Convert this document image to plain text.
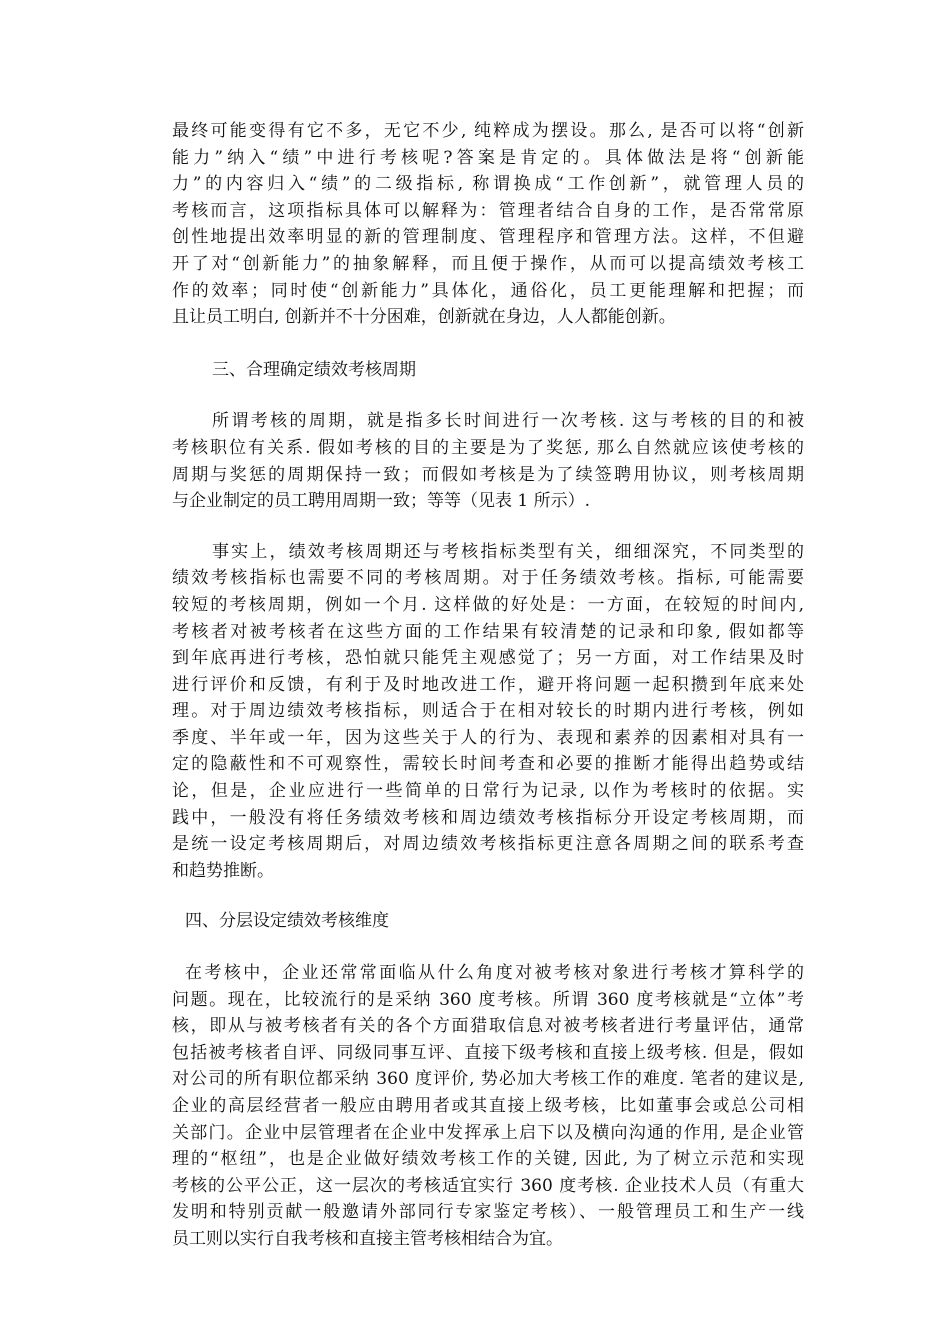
最终可能变得有它不多，无它不少, 纯粹成为摆设。那么, 是否可以将“创新
能力”纳入“绩”中进行考核呢?答案是肯定的。具体做法是将“创新能
力”的内容归入“绩”的二级指标, 称谓换成“工作创新”，就管理人员的
考核而言，这项指标具体可以解释为：管理者结合自身的工作，是否常常原
创性地提出效率明显的新的管理制度、管理程序和管理方法。这样，不但避
开了对“创新能力”的抽象解释，而且便于操作，从而可以提高绩效考核工
作的效率；同时使“创新能力”具体化，通俗化，员工更能理解和把握；而
且让员工明白, 创新并不十分困难，创新就在身边，人人都能创新。
三、合理确定绩效考核周期
所谓考核的周期，就是指多长时间进行一次考核. 这与考核的目的和被
考核职位有关系. 假如考核的目的主要是为了奖惩, 那么自然就应该使考核的
周期与奖惩的周期保持一致；而假如考核是为了续签聘用协议，则考核周期
与企业制定的员工聘用周期一致；等等（见表 1 所示）.
事实上，绩效考核周期还与考核指标类型有关，细细深究，不同类型的
绩效考核指标也需要不同的考核周期。对于任务绩效考核。指标, 可能需要
较短的考核周期，例如一个月. 这样做的好处是：一方面，在较短的时间内,
考核者对被考核者在这些方面的工作结果有较清楚的记录和印象, 假如都等
到年底再进行考核，恐怕就只能凭主观感觉了；另一方面，对工作结果及时
进行评价和反馈，有利于及时地改进工作，避开将问题一起积攒到年底来处
理。对于周边绩效考核指标，则适合于在相对较长的时期内进行考核，例如
季度、半年或一年，因为这些关于人的行为、表现和素养的因素相对具有一
定的隐蔽性和不可观察性，需较长时间考查和必要的推断才能得出趋势或结
论，但是，企业应进行一些简单的日常行为记录, 以作为考核时的依据。实
践中，一般没有将任务绩效考核和周边绩效考核指标分开设定考核周期，而
是统一设定考核周期后，对周边绩效考核指标更注意各周期之间的联系考查
和趋势推断。
四、分层设定绩效考核维度
在考核中，企业还常常面临从什么角度对被考核对象进行考核才算科学的
问题。现在，比较流行的是采纳 360 度考核。所谓 360 度考核就是“立体”考
核，即从与被考核者有关的各个方面猎取信息对被考核者进行考量评估，通常
包括被考核者自评、同级同事互评、直接下级考核和直接上级考核. 但是，假如
对公司的所有职位都采纳 360 度评价, 势必加大考核工作的难度. 笔者的建议是,
企业的高层经营者一般应由聘用者或其直接上级考核，比如董事会或总公司相
关部门。企业中层管理者在企业中发挥承上启下以及横向沟通的作用, 是企业管
理的“枢纽”，也是企业做好绩效考核工作的关键, 因此, 为了树立示范和实现
考核的公平公正，这一层次的考核适宜实行 360 度考核. 企业技术人员（有重大
发明和特别贡献一般邀请外部同行专家鉴定考核）、一般管理员工和生产一线
员工则以实行自我考核和直接主管考核相结合为宜。
